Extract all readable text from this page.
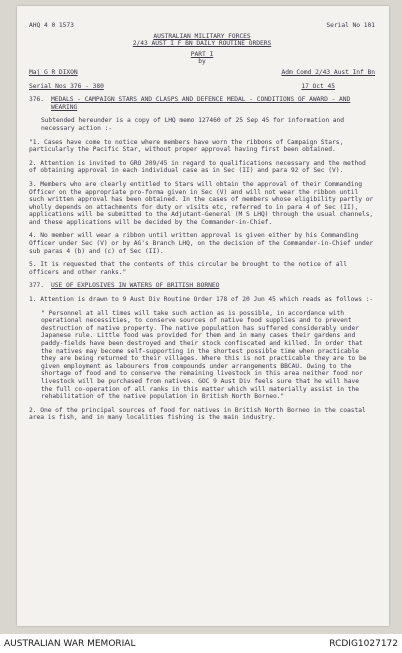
AHQ 4 0 1573	Serial No 101
AUSTRALIAN MILITARY FORCES
2/43 AUST I F BN DAILY ROUTINE ORDERS
PART I
by
Maj G R DIXON	Adm Comd 2/43 Aust Inf Bn
Serial Nos 376 - 380	17 Oct 45
376.	MEDALS - CAMPAIGN STARS AND CLASPS AND DEFENCE MEDAL - CONDITIONS OF AWARD - AND WEARING

Subtended hereunder is a copy of LHQ memo 127460 of 25 Sep 45 for information and necessary action :-

"1. Cases have come to notice where members have worn the ribbons of Campaign Stars, particularly the Pacific Star, without proper approval having first been obtained.

2. Attention is invited to GRO 209/45 in regard to qualifications necessary and the method of obtaining approval in each individual case as in Sec (II) and para 92 of Sec (V).

3. Members who are clearly entitled to Stars will obtain the approval of their Commanding Officer on the appropriate pro-forma given in Sec (V) and will not wear the ribbon until such written approval has been obtained. In the cases of members whose eligibility partly or wholly depends on attachments for duty or visits etc, referred to in para 4 of Sec (II), applications will be submitted to the Adjutant-General (M S LHQ) through the usual channels, and these applications will be decided by the Commander-in-Chief.

4. No member will wear a ribbon until written approval is given either by his Commanding Officer under Sec (V) or by AG's Branch LHQ, on the decision of the Commander-in-Chief under sub paras 4 (b) and (c) of Sec (II).

5. It is requested that the contents of this circular be brought to the notice of all officers and other ranks."

377.	USE OF EXPLOSIVES IN WATERS OF BRITISH BORNEO

1. Attention is drawn to 9 Aust Div Routine Order 178 of 20 Jun 45 which reads as follows :-

" Personnel at all times will take such action as is possible, in accordance with operational necessities, to conserve sources of native food supplies and to prevent destruction of native property. The native population has suffered considerably under Japanese rule. Little food was provided for them and in many cases their gardens and paddy-fields have been destroyed and their stock confiscated and killed. In order that the natives may become self-supporting in the shortest possible time when practicable they are being returned to their villages. Where this is not practicable they are to be given employment as labourers from compounds under arrangements BBCAU. Owing to the shortage of food and to conserve the remaining livestock in this area neither food nor livestock will be purchased from natives. GOC 9 Aust Div feels sure that he will have the full co-operation of all ranks in this matter which will materially assist in the rehabilitation of the native population in British North Borneo."

2. One of the principal sources of food for natives in British North Borneo in the coastal area is fish, and in many localities fishing is the main industry.

AUSTRALIAN WAR MEMORIAL	RCDIG1027172
